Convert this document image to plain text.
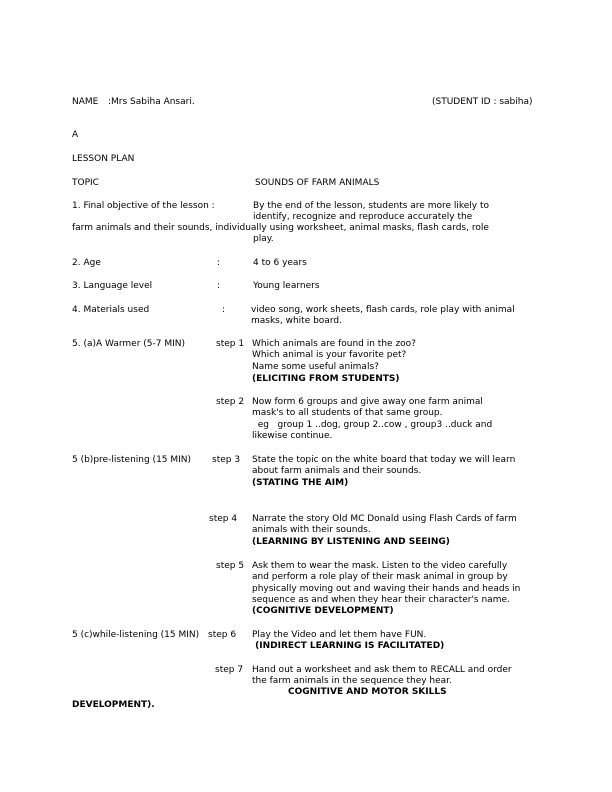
NAME :Mrs Sabiha Ansari.	(STUDENT ID : sabiha)
A
LESSON PLAN
TOPIC	SOUNDS OF FARM ANIMALS
1. Final objective of the lesson :	By the end of the lesson, students are more likely to
identify, recognize and reproduce accurately the
farm animals and their sounds, individually using worksheet, animal masks, flash cards, role
play.
2. Age	:	4 to 6 years
3. Language level	:	Young learners
4. Materials used	:	video song, work sheets, flash cards, role play with animal
masks, white board.
5. (a)A Warmer (5-7 MIN)	step 1 Which animals are found in the zoo?
Which animal is your favorite pet?
Name some useful animals?
(ELICITING FROM STUDENTS)
step 2 Now form 6 groups and give away one farm animal
mask's to all students of that same group.
eg   group 1 ..dog, group 2..cow , group3 ..duck and
likewise continue.
5 (b)pre-listening (15 MIN) step 3 State the topic on the white board that today we will learn
about farm animals and their sounds.
(STATING THE AIM)
step 4 Narrate the story Old MC Donald using Flash Cards of farm
animals with their sounds.
(LEARNING BY LISTENING AND SEEING)
step 5 Ask them to wear the mask. Listen to the video carefully
and perform a role play of their mask animal in group by
physically moving out and waving their hands and heads in
sequence as and when they hear their character's name.
(COGNITIVE DEVELOPMENT)
5 (c)while-listening (15 MIN) step 6 Play the Video and let them have FUN.
(INDIRECT LEARNING IS FACILITATED)
step 7 Hand out a worksheet and ask them to RECALL and order
the farm animals in the sequence they hear.
COGNITIVE AND MOTOR SKILLS
DEVELOPMENT).
